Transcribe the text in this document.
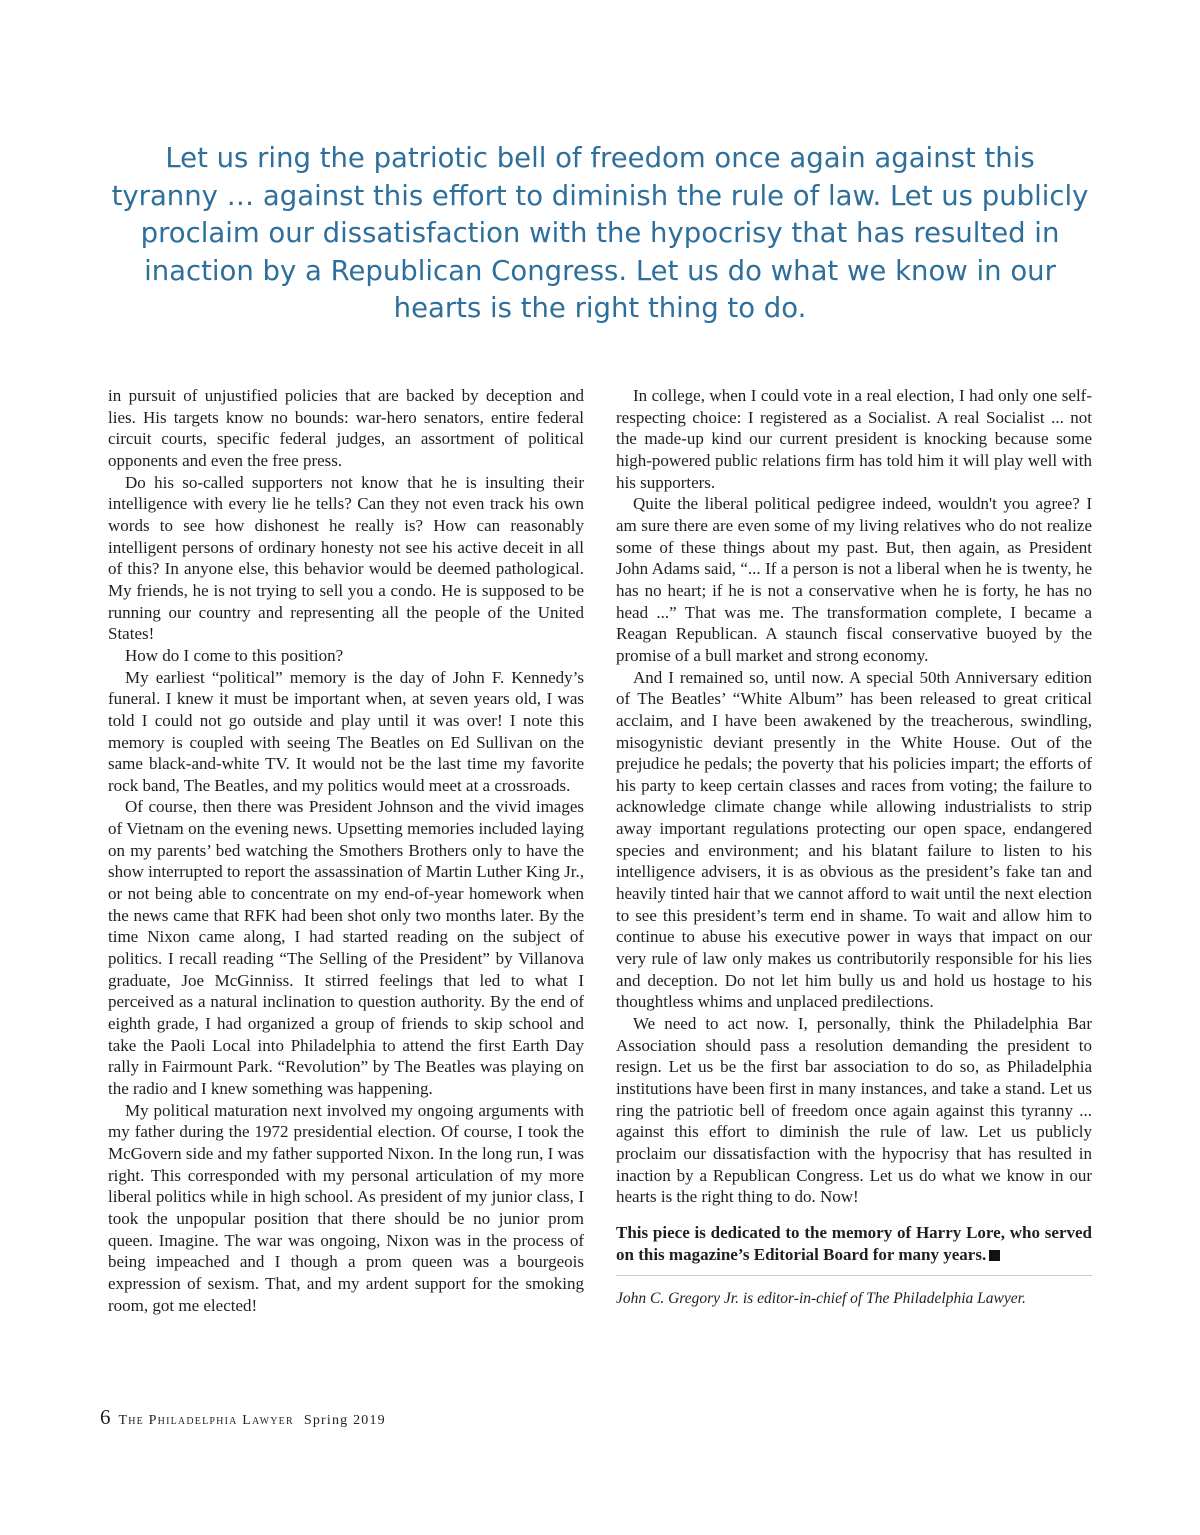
Let us ring the patriotic bell of freedom once again against this tyranny … against this effort to diminish the rule of law. Let us publicly proclaim our dissatisfaction with the hypocrisy that has resulted in inaction by a Republican Congress. Let us do what we know in our hearts is the right thing to do.

in pursuit of unjustified policies that are backed by deception and lies. His targets know no bounds: war-hero senators, entire federal circuit courts, specific federal judges, an assortment of political opponents and even the free press.

Do his so-called supporters not know that he is insulting their intelligence with every lie he tells? Can they not even track his own words to see how dishonest he really is? How can reasonably intelligent persons of ordinary honesty not see his active deceit in all of this? In anyone else, this behavior would be deemed pathological. My friends, he is not trying to sell you a condo. He is supposed to be running our country and representing all the people of the United States!

How do I come to this position?

My earliest “political” memory is the day of John F. Kennedy’s funeral. I knew it must be important when, at seven years old, I was told I could not go outside and play until it was over! I note this memory is coupled with seeing The Beatles on Ed Sullivan on the same black-and-white TV. It would not be the last time my favorite rock band, The Beatles, and my politics would meet at a crossroads.

Of course, then there was President Johnson and the vivid images of Vietnam on the evening news. Upsetting memories included laying on my parents’ bed watching the Smothers Brothers only to have the show interrupted to report the assassination of Martin Luther King Jr., or not being able to concentrate on my end-of-year homework when the news came that RFK had been shot only two months later. By the time Nixon came along, I had started reading on the subject of politics. I recall reading “The Selling of the President” by Villanova graduate, Joe McGinniss. It stirred feelings that led to what I perceived as a natural inclination to question authority. By the end of eighth grade, I had organized a group of friends to skip school and take the Paoli Local into Philadelphia to attend the first Earth Day rally in Fairmount Park. “Revolution” by The Beatles was playing on the radio and I knew something was happening.

My political maturation next involved my ongoing arguments with my father during the 1972 presidential election. Of course, I took the McGovern side and my father supported Nixon. In the long run, I was right. This corresponded with my personal articulation of my more liberal politics while in high school. As president of my junior class, I took the unpopular position that there should be no junior prom queen. Imagine. The war was ongoing, Nixon was in the process of being impeached and I though a prom queen was a bourgeois expression of sexism. That, and my ardent support for the smoking room, got me elected!

In college, when I could vote in a real election, I had only one self-respecting choice: I registered as a Socialist. A real Socialist ... not the made-up kind our current president is knocking because some high-powered public relations firm has told him it will play well with his supporters.

Quite the liberal political pedigree indeed, wouldn't you agree? I am sure there are even some of my living relatives who do not realize some of these things about my past. But, then again, as President John Adams said, “... If a person is not a liberal when he is twenty, he has no heart; if he is not a conservative when he is forty, he has no head ...” That was me. The transformation complete, I became a Reagan Republican. A staunch fiscal conservative buoyed by the promise of a bull market and strong economy.

And I remained so, until now. A special 50th Anniversary edition of The Beatles’ “White Album” has been released to great critical acclaim, and I have been awakened by the treacherous, swindling, misogynistic deviant presently in the White House. Out of the prejudice he pedals; the poverty that his policies impart; the efforts of his party to keep certain classes and races from voting; the failure to acknowledge climate change while allowing industrialists to strip away important regulations protecting our open space, endangered species and environment; and his blatant failure to listen to his intelligence advisers, it is as obvious as the president’s fake tan and heavily tinted hair that we cannot afford to wait until the next election to see this president’s term end in shame. To wait and allow him to continue to abuse his executive power in ways that impact on our very rule of law only makes us contributorily responsible for his lies and deception. Do not let him bully us and hold us hostage to his thoughtless whims and unplaced predilections.

We need to act now. I, personally, think the Philadelphia Bar Association should pass a resolution demanding the president to resign. Let us be the first bar association to do so, as Philadelphia institutions have been first in many instances, and take a stand. Let us ring the patriotic bell of freedom once again against this tyranny ... against this effort to diminish the rule of law. Let us publicly proclaim our dissatisfaction with the hypocrisy that has resulted in inaction by a Republican Congress. Let us do what we know in our hearts is the right thing to do. Now!

This piece is dedicated to the memory of Harry Lore, who served on this magazine’s Editorial Board for many years.

John C. Gregory Jr. is editor-in-chief of The Philadelphia Lawyer.

6 The Philadelphia Lawyer Spring 2019
